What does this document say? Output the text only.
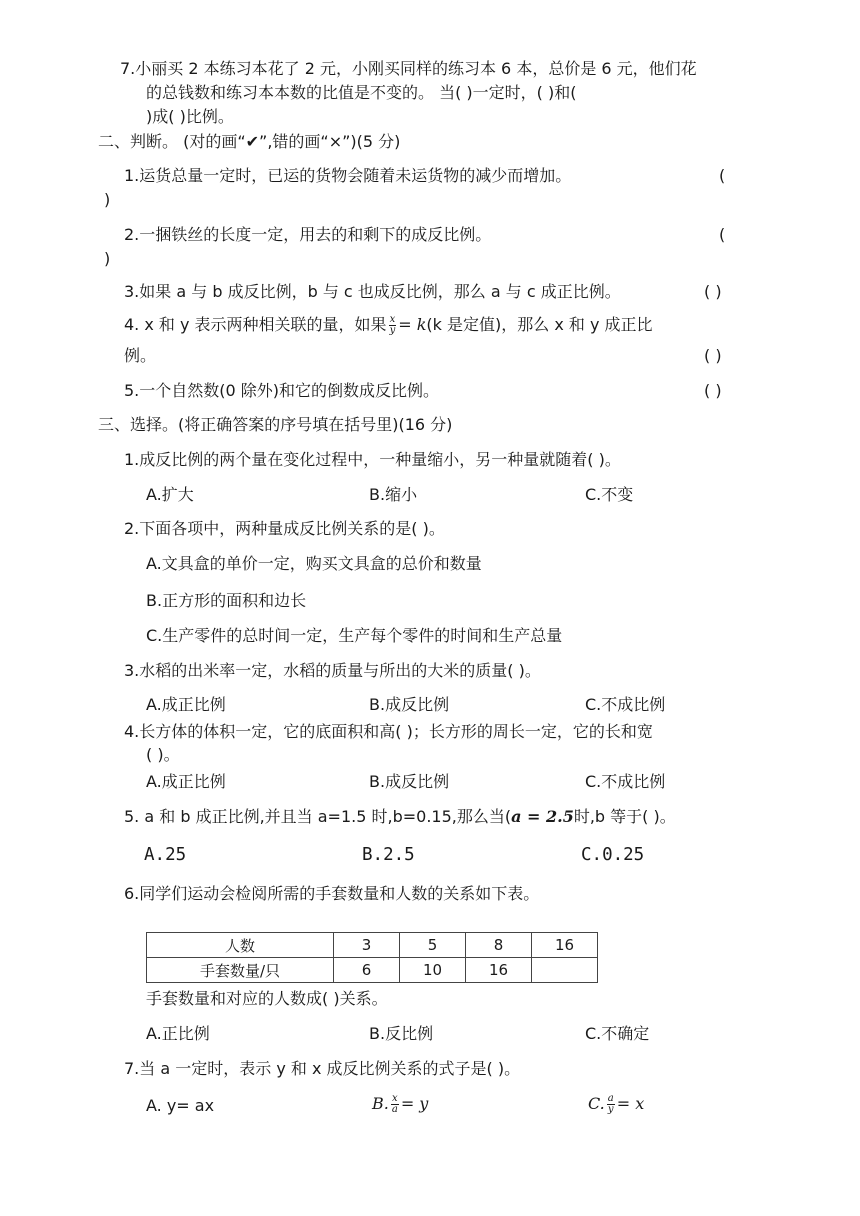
7.小丽买 2 本练习本花了 2 元，小刚买同样的练习本 6 本，总价是 6 元，他们花
的总钱数和练习本本数的比值是不变的。 当( )一定时，( )和(
)成( )比例。
二、判断。 (对的画“✔”,错的画“×”)(5 分)
1.运货总量一定时，已运的货物会随着未运货物的减少而增加。	(
)
2.一捆铁丝的长度一定，用去的和剩下的成反比例。	(
)
3.如果 a 与 b 成反比例，b 与 c 也成反比例，那么 a 与 c 成正比例。	( )
4. x 和 y 表示两种相关联的量，如果 $\frac{x}{y} = k(k$ 是定值)，那么 x 和 y 成正比
例。	( )
5.一个自然数(0 除外)和它的倒数成反比例。	( )
三、选择。(将正确答案的序号填在括号里)(16 分)
1.成反比例的两个量在变化过程中，一种量缩小，另一种量就随着( )。
A.扩大	B.缩小	C.不变
2.下面各项中，两种量成反比例关系的是( )。
A.文具盒的单价一定，购买文具盒的总价和数量
B.正方形的面积和边长
C.生产零件的总时间一定，生产每个零件的时间和生产总量
3.水稻的出米率一定，水稻的质量与所出的大米的质量( )。
A.成正比例	B.成反比例	C.不成比例
4.长方体的体积一定，它的底面积和高( )；长方形的周长一定，它的长和宽
( )。
A.成正比例	B.成反比例	C.不成比例
5. a 和 b 成正比例,并且当 a=1.5 时,b=0.15,那么当(a = 2.5时,b 等于( )。
A.25	B.2.5	C.0.25
6.同学们运动会检阅所需的手套数量和人数的关系如下表。
人数	3	5	8	16
手套数量/只	6	10	16	
手套数量和对应的人数成( )关系。
A.正比例	B.反比例	C.不确定
7.当 a 一定时，表示 y 和 x 成反比例关系的式子是( )。
A. y= ax	B. $\frac{x}{a} = y$	C. $\frac{a}{y} = x$
